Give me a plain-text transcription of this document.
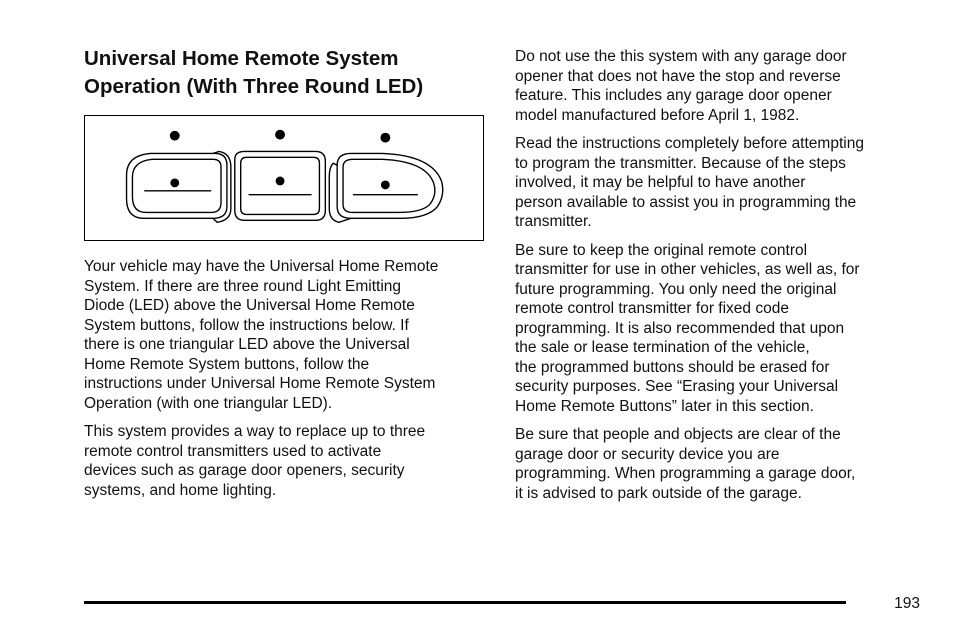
Universal Home Remote System
Operation (With Three Round LED)

Your vehicle may have the Universal Home Remote
System. If there are three round Light Emitting
Diode (LED) above the Universal Home Remote
System buttons, follow the instructions below. If
there is one triangular LED above the Universal
Home Remote System buttons, follow the
instructions under Universal Home Remote System
Operation (with one triangular LED).

This system provides a way to replace up to three
remote control transmitters used to activate
devices such as garage door openers, security
systems, and home lighting.

Do not use the this system with any garage door
opener that does not have the stop and reverse
feature. This includes any garage door opener
model manufactured before April 1, 1982.

Read the instructions completely before attempting
to program the transmitter. Because of the steps
involved, it may be helpful to have another
person available to assist you in programming the
transmitter.

Be sure to keep the original remote control
transmitter for use in other vehicles, as well as, for
future programming. You only need the original
remote control transmitter for fixed code
programming. It is also recommended that upon
the sale or lease termination of the vehicle,
the programmed buttons should be erased for
security purposes. See “Erasing your Universal
Home Remote Buttons” later in this section.

Be sure that people and objects are clear of the
garage door or security device you are
programming. When programming a garage door,
it is advised to park outside of the garage.

193
